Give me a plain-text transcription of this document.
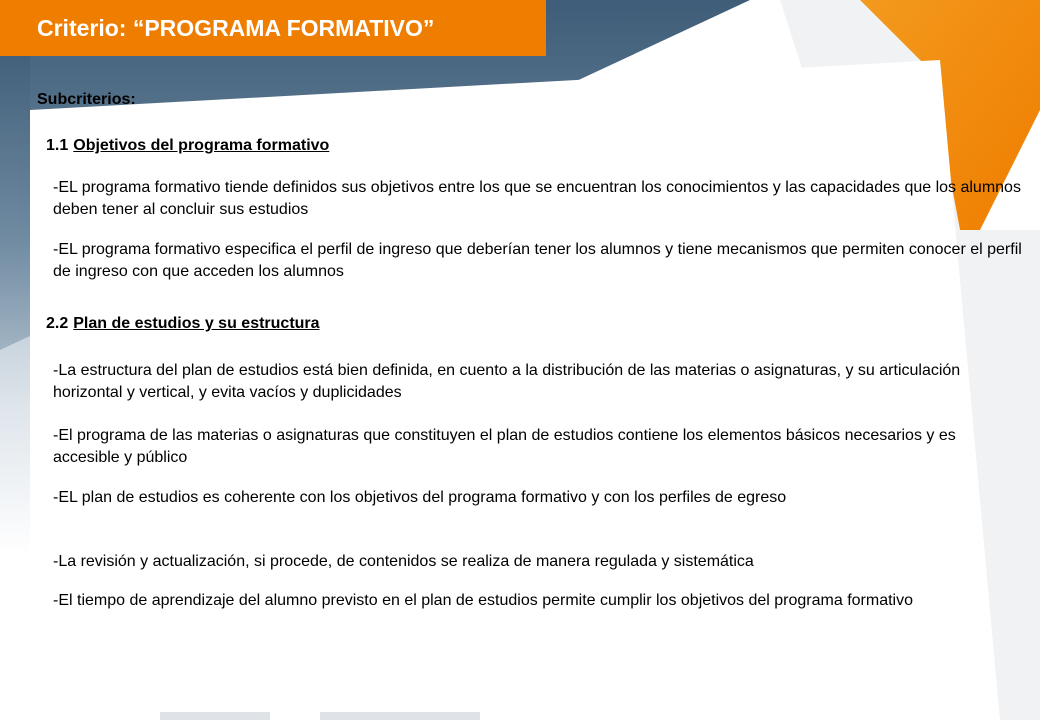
Criterio: “PROGRAMA FORMATIVO”
Subcriterios:
1.1 Objetivos del programa formativo
-EL programa formativo tiende definidos sus objetivos entre los que se encuentran los conocimientos y las capacidades que los alumnos deben tener al concluir sus estudios
-EL programa formativo especifica el perfil de ingreso que deberían tener los alumnos y tiene mecanismos que permiten conocer el perfil de ingreso con que acceden los alumnos
2.2 Plan de estudios y su estructura
-La estructura del plan de estudios está bien definida, en cuento a la distribución de las materias o asignaturas, y su articulación horizontal y vertical, y evita vacíos y duplicidades
-El programa de las materias o asignaturas que constituyen el plan de estudios contiene los elementos básicos necesarios y es accesible y público
-EL plan de estudios es coherente con los objetivos del programa formativo y con los perfiles de egreso
-La revisión y actualización, si procede, de contenidos se realiza de manera regulada y sistemática
-El tiempo de aprendizaje del alumno previsto en el plan de estudios permite cumplir los objetivos del programa formativo
